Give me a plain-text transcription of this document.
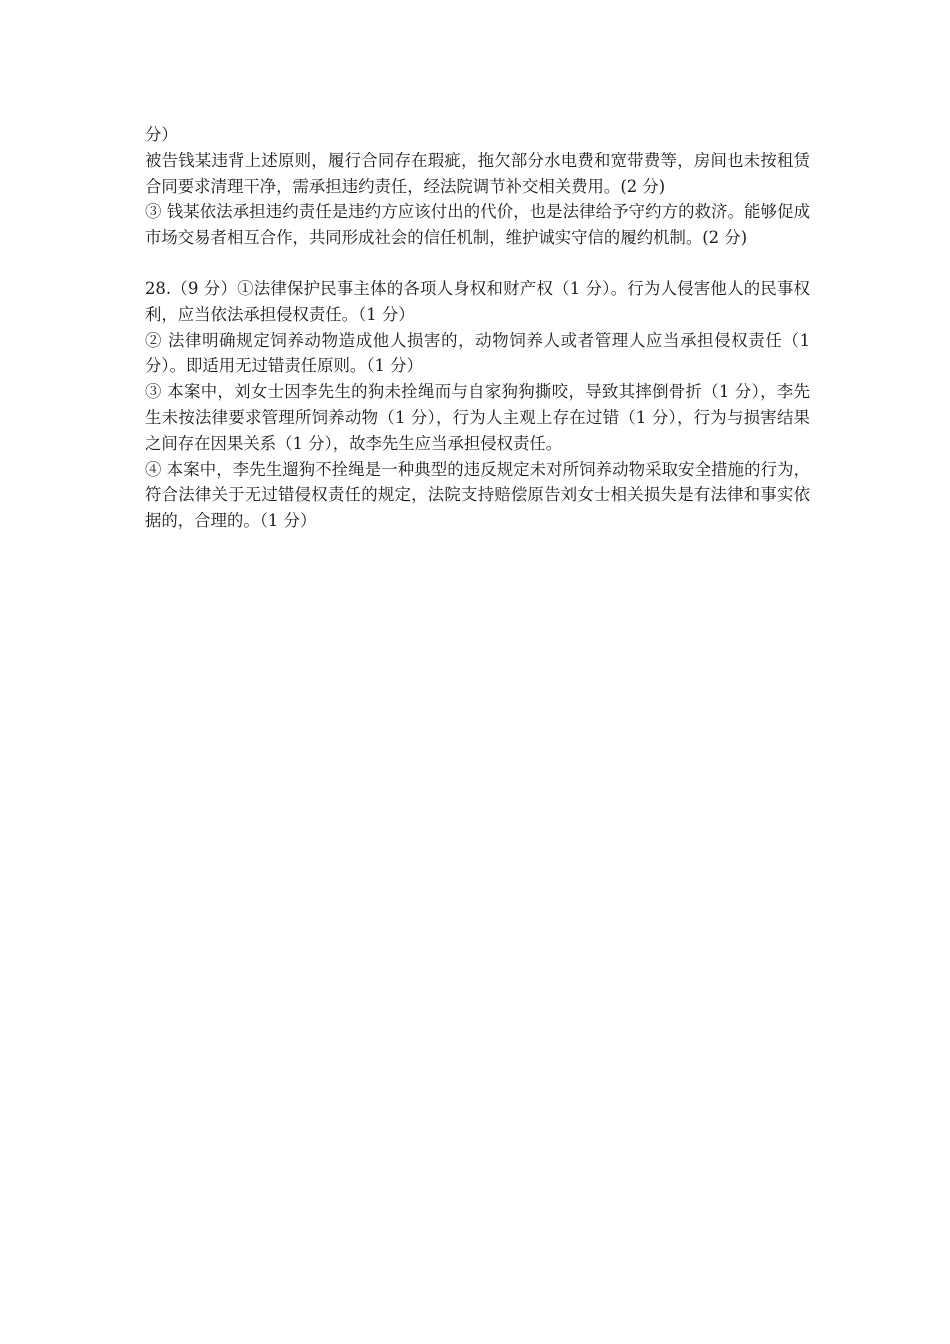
分）

被告钱某违背上述原则，履行合同存在瑕疵，拖欠部分水电费和宽带费等，房间也未按租赁合同要求清理干净，需承担违约责任，经法院调节补交相关费用。(2 分)

③ 钱某依法承担违约责任是违约方应该付出的代价，也是法律给予守约方的救济。能够促成市场交易者相互合作，共同形成社会的信任机制，维护诚实守信的履约机制。(2 分)

28.（9 分）①法律保护民事主体的各项人身权和财产权（1 分）。行为人侵害他人的民事权利，应当依法承担侵权责任。（1 分）

② 法律明确规定饲养动物造成他人损害的，动物饲养人或者管理人应当承担侵权责任（1 分）。即适用无过错责任原则。（1 分）

③ 本案中，刘女士因李先生的狗未拴绳而与自家狗狗撕咬，导致其摔倒骨折（1 分），李先生未按法律要求管理所饲养动物（1 分），行为人主观上存在过错（1 分），行为与损害结果之间存在因果关系（1 分），故李先生应当承担侵权责任。

④ 本案中，李先生遛狗不拴绳是一种典型的违反规定未对所饲养动物采取安全措施的行为，符合法律关于无过错侵权责任的规定，法院支持赔偿原告刘女士相关损失是有法律和事实依据的，合理的。（1 分）
